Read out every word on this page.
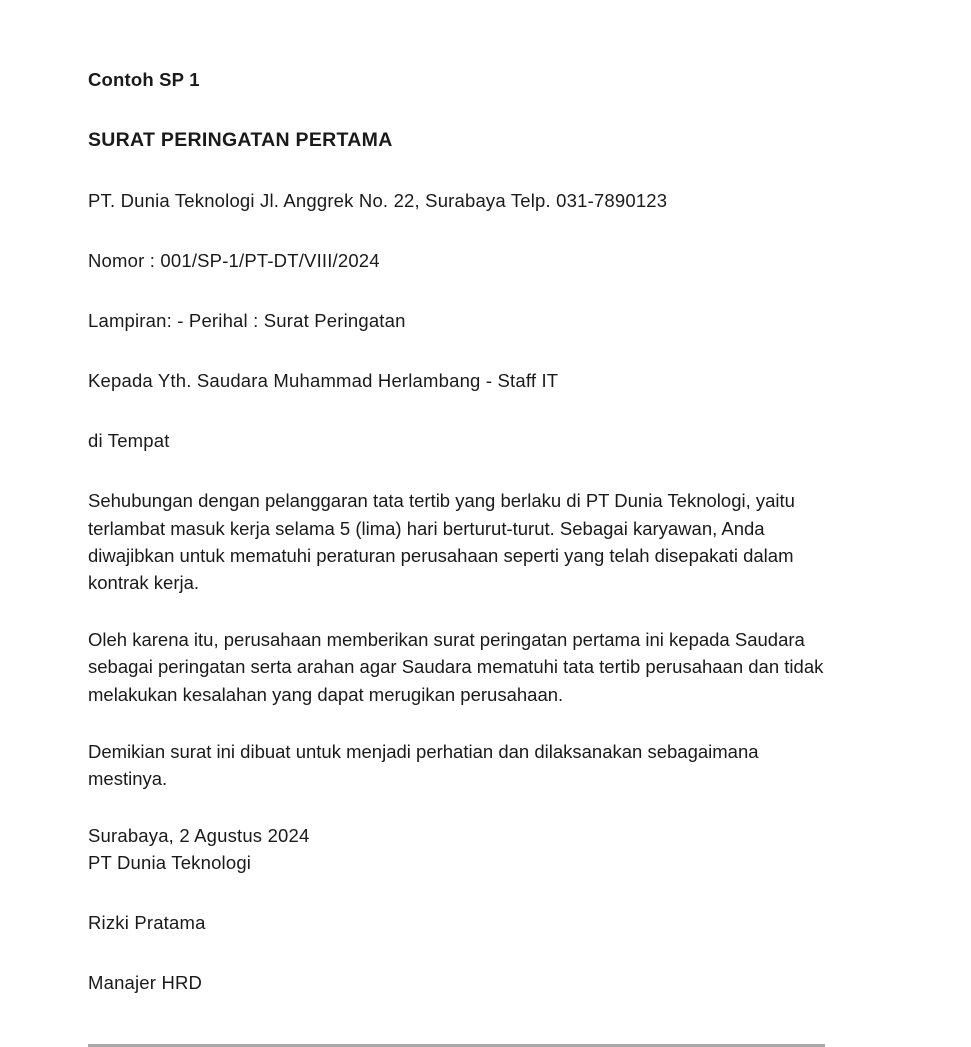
Contoh SP 1

SURAT PERINGATAN PERTAMA

PT. Dunia Teknologi Jl. Anggrek No. 22, Surabaya Telp. 031-7890123

Nomor : 001/SP-1/PT-DT/VIII/2024

Lampiran: - Perihal : Surat Peringatan

Kepada Yth. Saudara Muhammad Herlambang - Staff IT

di Tempat

Sehubungan dengan pelanggaran tata tertib yang berlaku di PT Dunia Teknologi, yaitu terlambat masuk kerja selama 5 (lima) hari berturut-turut. Sebagai karyawan, Anda diwajibkan untuk mematuhi peraturan perusahaan seperti yang telah disepakati dalam kontrak kerja.

Oleh karena itu, perusahaan memberikan surat peringatan pertama ini kepada Saudara sebagai peringatan serta arahan agar Saudara mematuhi tata tertib perusahaan dan tidak melakukan kesalahan yang dapat merugikan perusahaan.

Demikian surat ini dibuat untuk menjadi perhatian dan dilaksanakan sebagaimana mestinya.

Surabaya, 2 Agustus 2024

PT Dunia Teknologi

Rizki Pratama

Manajer HRD
